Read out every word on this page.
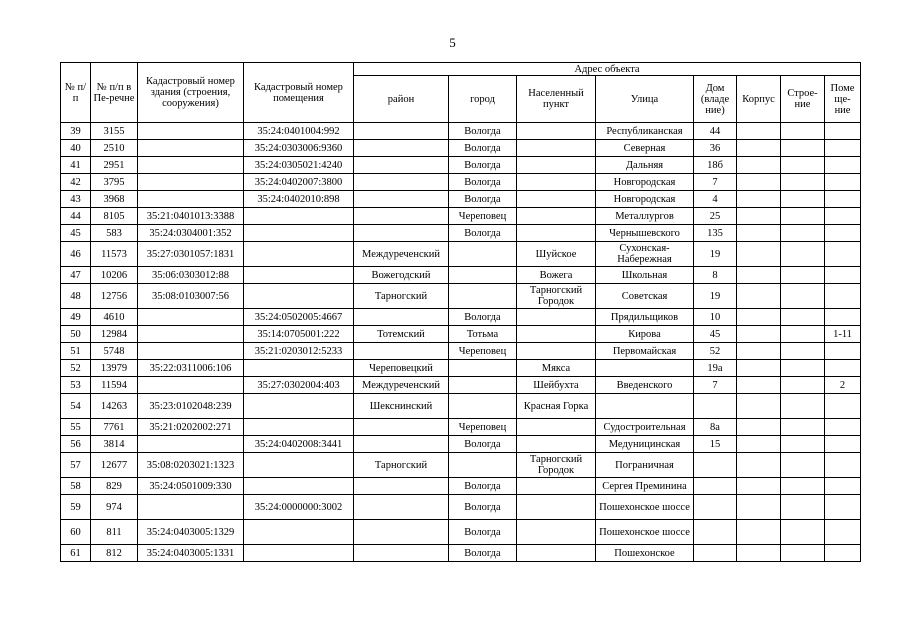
5
№ п/п	№ п/п в Пе-речне	Кадастровый номер здания (строения, сооружения)	Кадастровый номер помещения	Адрес объекта							
				район	город	Населенный пункт	Улица	Дом (владе ние)	Корпус	Строе-ние	Поме ще-ние
39	3155		35:24:0401004:992		Вологда		Республиканская	44			
40	2510		35:24:0303006:9360		Вологда		Северная	36			
41	2951		35:24:0305021:4240		Вологда		Дальняя	18б			
42	3795		35:24:0402007:3800		Вологда		Новгородская	7			
43	3968		35:24:0402010:898		Вологда		Новгородская	4			
44	8105	35:21:0401013:3388			Череповец		Металлургов	25			
45	583	35:24:0304001:352			Вологда		Чернышевского	135			
46	11573	35:27:0301057:1831		Междуреченский		Шуйское	Сухонская-Набережная	19			
47	10206	35:06:0303012:88		Вожегодский		Вожега	Школьная	8			
48	12756	35:08:0103007:56		Тарногский		Тарногский Городок	Советская	19			
49	4610		35:24:0502005:4667		Вологда		Прядильщиков	10			
50	12984		35:14:0705001:222	Тотемский	Тотьма		Кирова	45			1-11
51	5748		35:21:0203012:5233		Череповец		Первомайская	52			
52	13979	35:22:0311006:106		Череповецкий		Мякса		19а			
53	11594		35:27:0302004:403	Междуреченский		Шейбухта	Введенского	7			2
54	14263	35:23:0102048:239		Шекснинский		Красная Горка					
55	7761	35:21:0202002:271			Череповец		Судостроительная	8а			
56	3814		35:24:0402008:3441		Вологда		Медуницинская	15			
57	12677	35:08:0203021:1323		Тарногский		Тарногский Городок	Пограничная				
58	829	35:24:0501009:330			Вологда		Сергея Преминина				
59	974		35:24:0000000:3002		Вологда		Пошехонское шоссе				
60	811	35:24:0403005:1329			Вологда		Пошехонское шоссе				
61	812	35:24:0403005:1331			Вологда		Пошехонское				
